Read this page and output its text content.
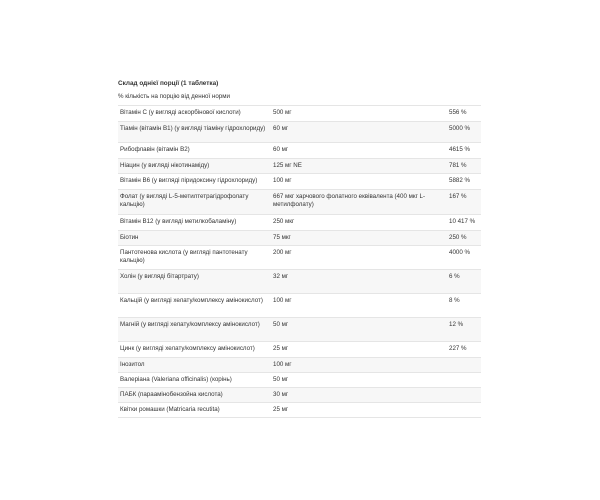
Склад однієї порції (1 таблетка)
% кількість на порцію від денної норми
Вітамін С (у вигляді аскорбінової кислоти)	500 мг	556 %
Тіамін (вітамін B1) (у вигляді тіаміну гідрохлориду)	60 мг	5000 %
Рибофлавін (вітамін B2)	60 мг	4615 %
Ніацин (у вигляді нікотинаміду)	125 мг NE	781 %
Вітамін B6 (у вигляді піридоксину гідрохлориду)	100 мг	5882 %
Фолат (у вигляді L-5-метилтетрагідрофолату кальцію)	667 мкг харчового фолатного еквівалента (400 мкг L-метилфолату)	167 %
Вітамін B12 (у вигляді метилкобаламіну)	250 мкг	10 417 %
Біотин	75 мкг	250 %
Пантотенова кислота (у вигляді пантотенату кальцію)	200 мг	4000 %
Холін (у вигляді бітартрату)	32 мг	6 %
Кальцій (у вигляді хелату/комплексу амінокислот)	100 мг	8 %
Магній (у вигляді хелату/комплексу амінокислот)	50 мг	12 %
Цинк (у вигляді хелату/комплексу амінокислот)	25 мг	227 %
Інозитол	100 мг	
Валеріана (Valeriana officinalis) (корінь)	50 мг	
ПАБК (параамінобензойна кислота)	30 мг	
Квітки ромашки (Matricaria recutita)	25 мг	
